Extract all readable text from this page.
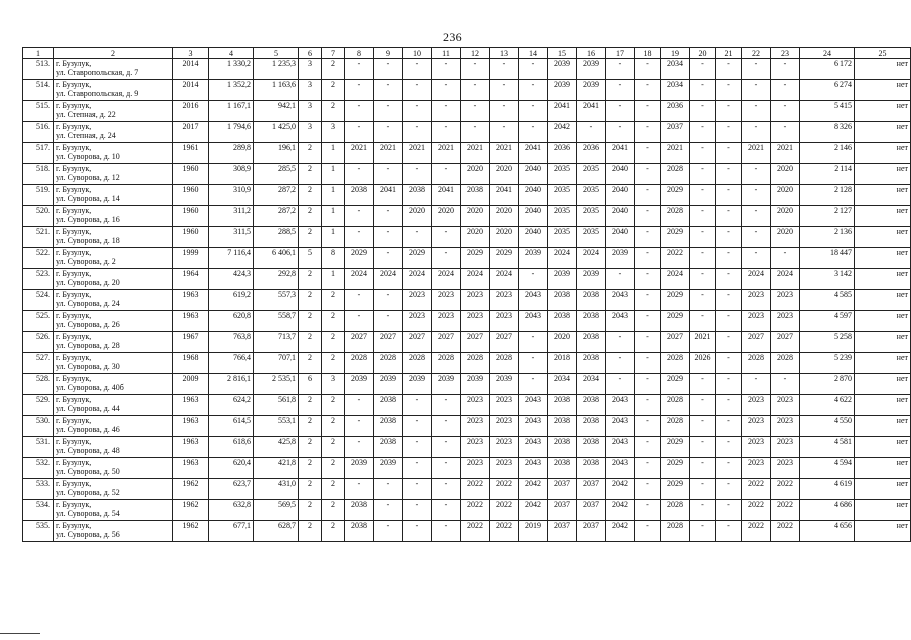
236
1	2	3	4	5	6	7	8	9	10	11	12	13	14	15	16	17	18	19	20	21	22	23	24	25
513.	г. Бузулук,
ул. Ставропольская, д. 7	2014	1 330,2	1 235,3	3	2	-	-	-	-	-	-	-	2039	2039	-	-	2034	-	-	-	-	6 172	нет
514.	г. Бузулук,
ул. Ставропольская, д. 9	2014	1 352,2	1 163,6	3	2	-	-	-	-	-	-	-	2039	2039	-	-	2034	-	-	-	-	6 274	нет
515.	г. Бузулук,
ул. Степная, д. 22	2016	1 167,1	942,1	3	2	-	-	-	-	-	-	-	2041	2041	-	-	2036	-	-	-	-	5 415	нет
516.	г. Бузулук,
ул. Степная, д. 24	2017	1 794,6	1 425,0	3	3	-	-	-	-	-	-	-	2042	-	-	-	2037	-	-	-	-	8 326	нет
517.	г. Бузулук,
ул. Суворова, д. 10	1961	289,8	196,1	2	1	2021	2021	2021	2021	2021	2021	2041	2036	2036	2041	-	2021	-	-	2021	2021	2 146	нет
518.	г. Бузулук,
ул. Суворова, д. 12	1960	308,9	285,5	2	1	-	-	-	-	2020	2020	2040	2035	2035	2040	-	2028	-	-	-	2020	2 114	нет
519.	г. Бузулук,
ул. Суворова, д. 14	1960	310,9	287,2	2	1	2038	2041	2038	2041	2038	2041	2040	2035	2035	2040	-	2029	-	-	-	2020	2 128	нет
520.	г. Бузулук,
ул. Суворова, д. 16	1960	311,2	287,2	2	1	-	-	2020	2020	2020	2020	2040	2035	2035	2040	-	2028	-	-	-	2020	2 127	нет
521.	г. Бузулук,
ул. Суворова, д. 18	1960	311,5	288,5	2	1	-	-	-	-	2020	2020	2040	2035	2035	2040	-	2029	-	-	-	2020	2 136	нет
522.	г. Бузулук,
ул. Суворова, д. 2	1999	7 116,4	6 406,1	5	8	2029	-	2029	-	2029	2029	2039	2024	2024	2039	-	2022	-	-	-	-	18 447	нет
523.	г. Бузулук,
ул. Суворова, д. 20	1964	424,3	292,8	2	1	2024	2024	2024	2024	2024	2024	-	2039	2039	-	-	2024	-	-	2024	2024	3 142	нет
524.	г. Бузулук,
ул. Суворова, д. 24	1963	619,2	557,3	2	2	-	-	2023	2023	2023	2023	2043	2038	2038	2043	-	2029	-	-	2023	2023	4 585	нет
525.	г. Бузулук,
ул. Суворова, д. 26	1963	620,8	558,7	2	2	-	-	2023	2023	2023	2023	2043	2038	2038	2043	-	2029	-	-	2023	2023	4 597	нет
526.	г. Бузулук,
ул. Суворова, д. 28	1967	763,8	713,7	2	2	2027	2027	2027	2027	2027	2027	-	2020	2038	-	-	2027	2021	-	2027	2027	5 258	нет
527.	г. Бузулук,
ул. Суворова, д. 30	1968	766,4	707,1	2	2	2028	2028	2028	2028	2028	2028	-	2018	2038	-	-	2028	2026	-	2028	2028	5 239	нет
528.	г. Бузулук,
ул. Суворова, д. 40б	2009	2 816,1	2 535,1	6	3	2039	2039	2039	2039	2039	2039	-	2034	2034	-	-	2029	-	-	-	-	2 870	нет
529.	г. Бузулук,
ул. Суворова, д. 44	1963	624,2	561,8	2	2	-	2038	-	-	2023	2023	2043	2038	2038	2043	-	2028	-	-	2023	2023	4 622	нет
530.	г. Бузулук,
ул. Суворова, д. 46	1963	614,5	553,1	2	2	-	2038	-	-	2023	2023	2043	2038	2038	2043	-	2028	-	-	2023	2023	4 550	нет
531.	г. Бузулук,
ул. Суворова, д. 48	1963	618,6	425,8	2	2	-	2038	-	-	2023	2023	2043	2038	2038	2043	-	2029	-	-	2023	2023	4 581	нет
532.	г. Бузулук,
ул. Суворова, д. 50	1963	620,4	421,8	2	2	2039	2039	-	-	2023	2023	2043	2038	2038	2043	-	2029	-	-	2023	2023	4 594	нет
533.	г. Бузулук,
ул. Суворова, д. 52	1962	623,7	431,0	2	2	-	-	-	-	2022	2022	2042	2037	2037	2042	-	2029	-	-	2022	2022	4 619	нет
534.	г. Бузулук,
ул. Суворова, д. 54	1962	632,8	569,5	2	2	2038	-	-	-	2022	2022	2042	2037	2037	2042	-	2028	-	-	2022	2022	4 686	нет
535.	г. Бузулук,
ул. Суворова, д. 56	1962	677,1	628,7	2	2	2038	-	-	-	2022	2022	2019	2037	2037	2042	-	2028	-	-	2022	2022	4 656	нет
